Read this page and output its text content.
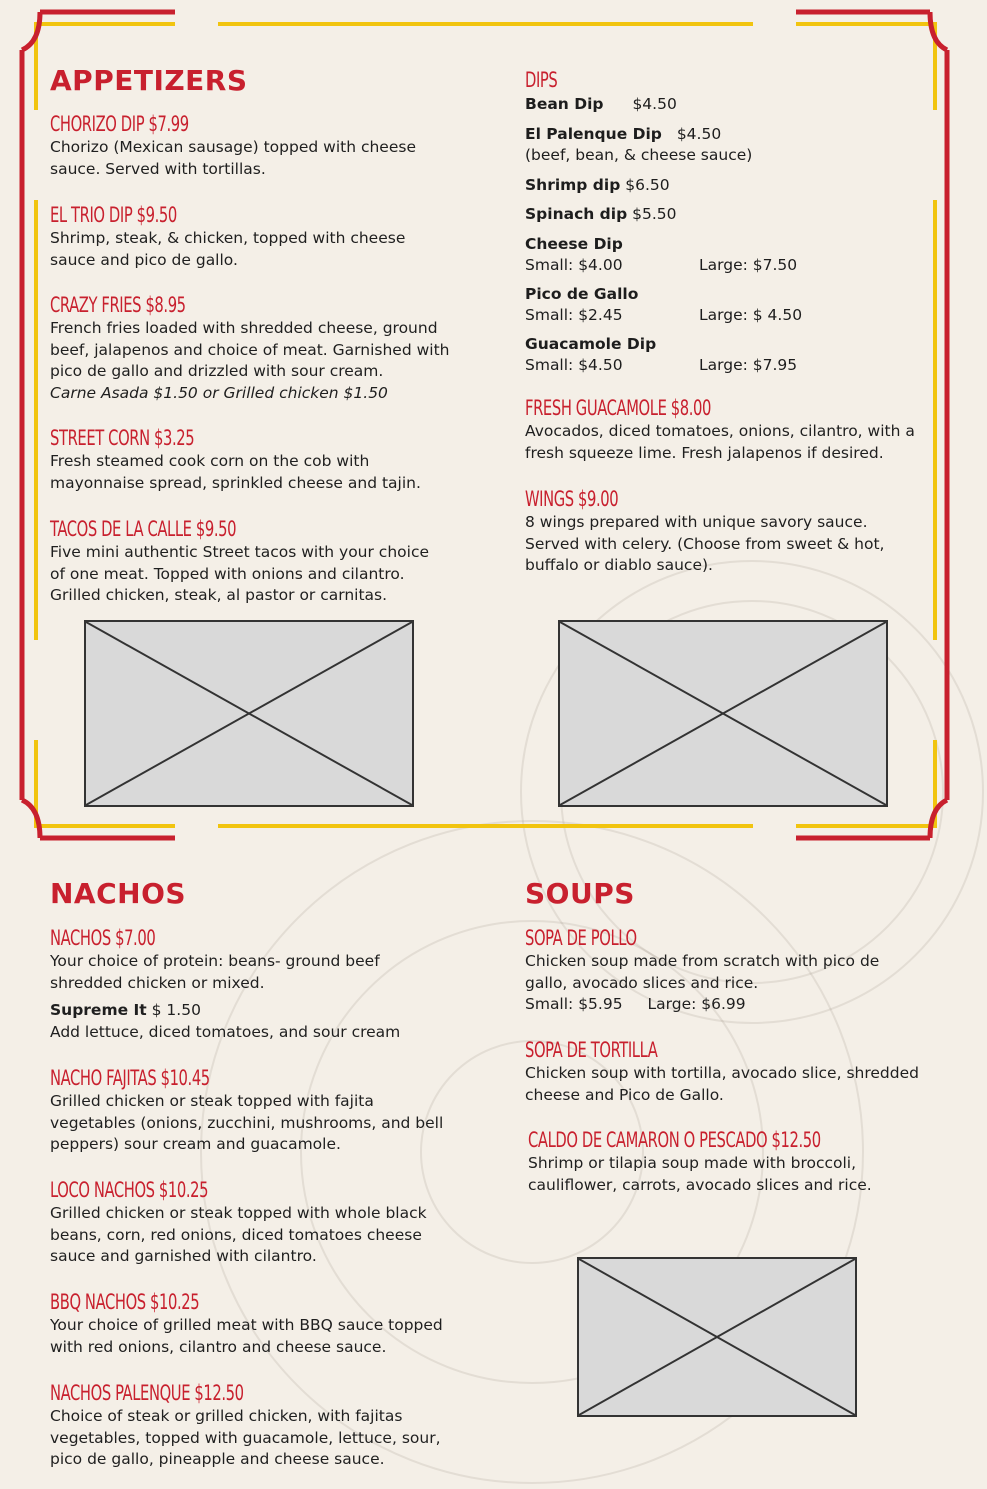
APPETIZERS
CHORIZO DIP $7.99
Chorizo (Mexican sausage) topped with cheese sauce. Served with tortillas.
EL TRIO DIP $9.50
Shrimp, steak, & chicken, topped with cheese sauce and pico de gallo.
CRAZY FRIES $8.95
French fries loaded with shredded cheese, ground beef, jalapenos and choice of meat. Garnished with pico de gallo and drizzled with sour cream.
Carne Asada $1.50 or Grilled chicken $1.50
STREET CORN $3.25
Fresh steamed cook corn on the cob with mayonnaise spread, sprinkled cheese and tajin.
TACOS DE LA CALLE $9.50
Five mini authentic Street tacos with your choice of one meat. Topped with onions and cilantro. Grilled chicken, steak, al pastor or carnitas.
DIPS
Bean Dip $4.50
El Palenque Dip $4.50
(beef, bean, & cheese sauce)
Shrimp dip $6.50
Spinach dip $5.50
Cheese Dip
Small: $4.00	Large: $7.50
Pico de Gallo
Small: $2.45	Large: $ 4.50
Guacamole Dip
Small: $4.50	Large: $7.95
FRESH GUACAMOLE $8.00
Avocados, diced tomatoes, onions, cilantro, with a fresh squeeze lime. Fresh jalapenos if desired.
WINGS $9.00
8 wings prepared with unique savory sauce. Served with celery. (Choose from sweet & hot, buffalo or diablo sauce).
NACHOS
NACHOS $7.00
Your choice of protein: beans- ground beef shredded chicken or mixed.
Supreme It $ 1.50
Add lettuce, diced tomatoes, and sour cream
NACHO FAJITAS $10.45
Grilled chicken or steak topped with fajita vegetables (onions, zucchini, mushrooms, and bell peppers) sour cream and guacamole.
LOCO NACHOS $10.25
Grilled chicken or steak topped with whole black beans, corn, red onions, diced tomatoes cheese sauce and garnished with cilantro.
BBQ NACHOS $10.25
Your choice of grilled meat with BBQ sauce topped with red onions, cilantro and cheese sauce.
NACHOS PALENQUE $12.50
Choice of steak or grilled chicken, with fajitas vegetables, topped with guacamole, lettuce, sour, pico de gallo, pineapple and cheese sauce.
SOUPS
SOPA DE POLLO
Chicken soup made from scratch with pico de gallo, avocado slices and rice.
Small: $5.95 Large: $6.99
SOPA DE TORTILLA
Chicken soup with tortilla, avocado slice, shredded cheese and Pico de Gallo.
CALDO DE CAMARON O PESCADO $12.50
Shrimp or tilapia soup made with broccoli, cauliflower, carrots, avocado slices and rice.
